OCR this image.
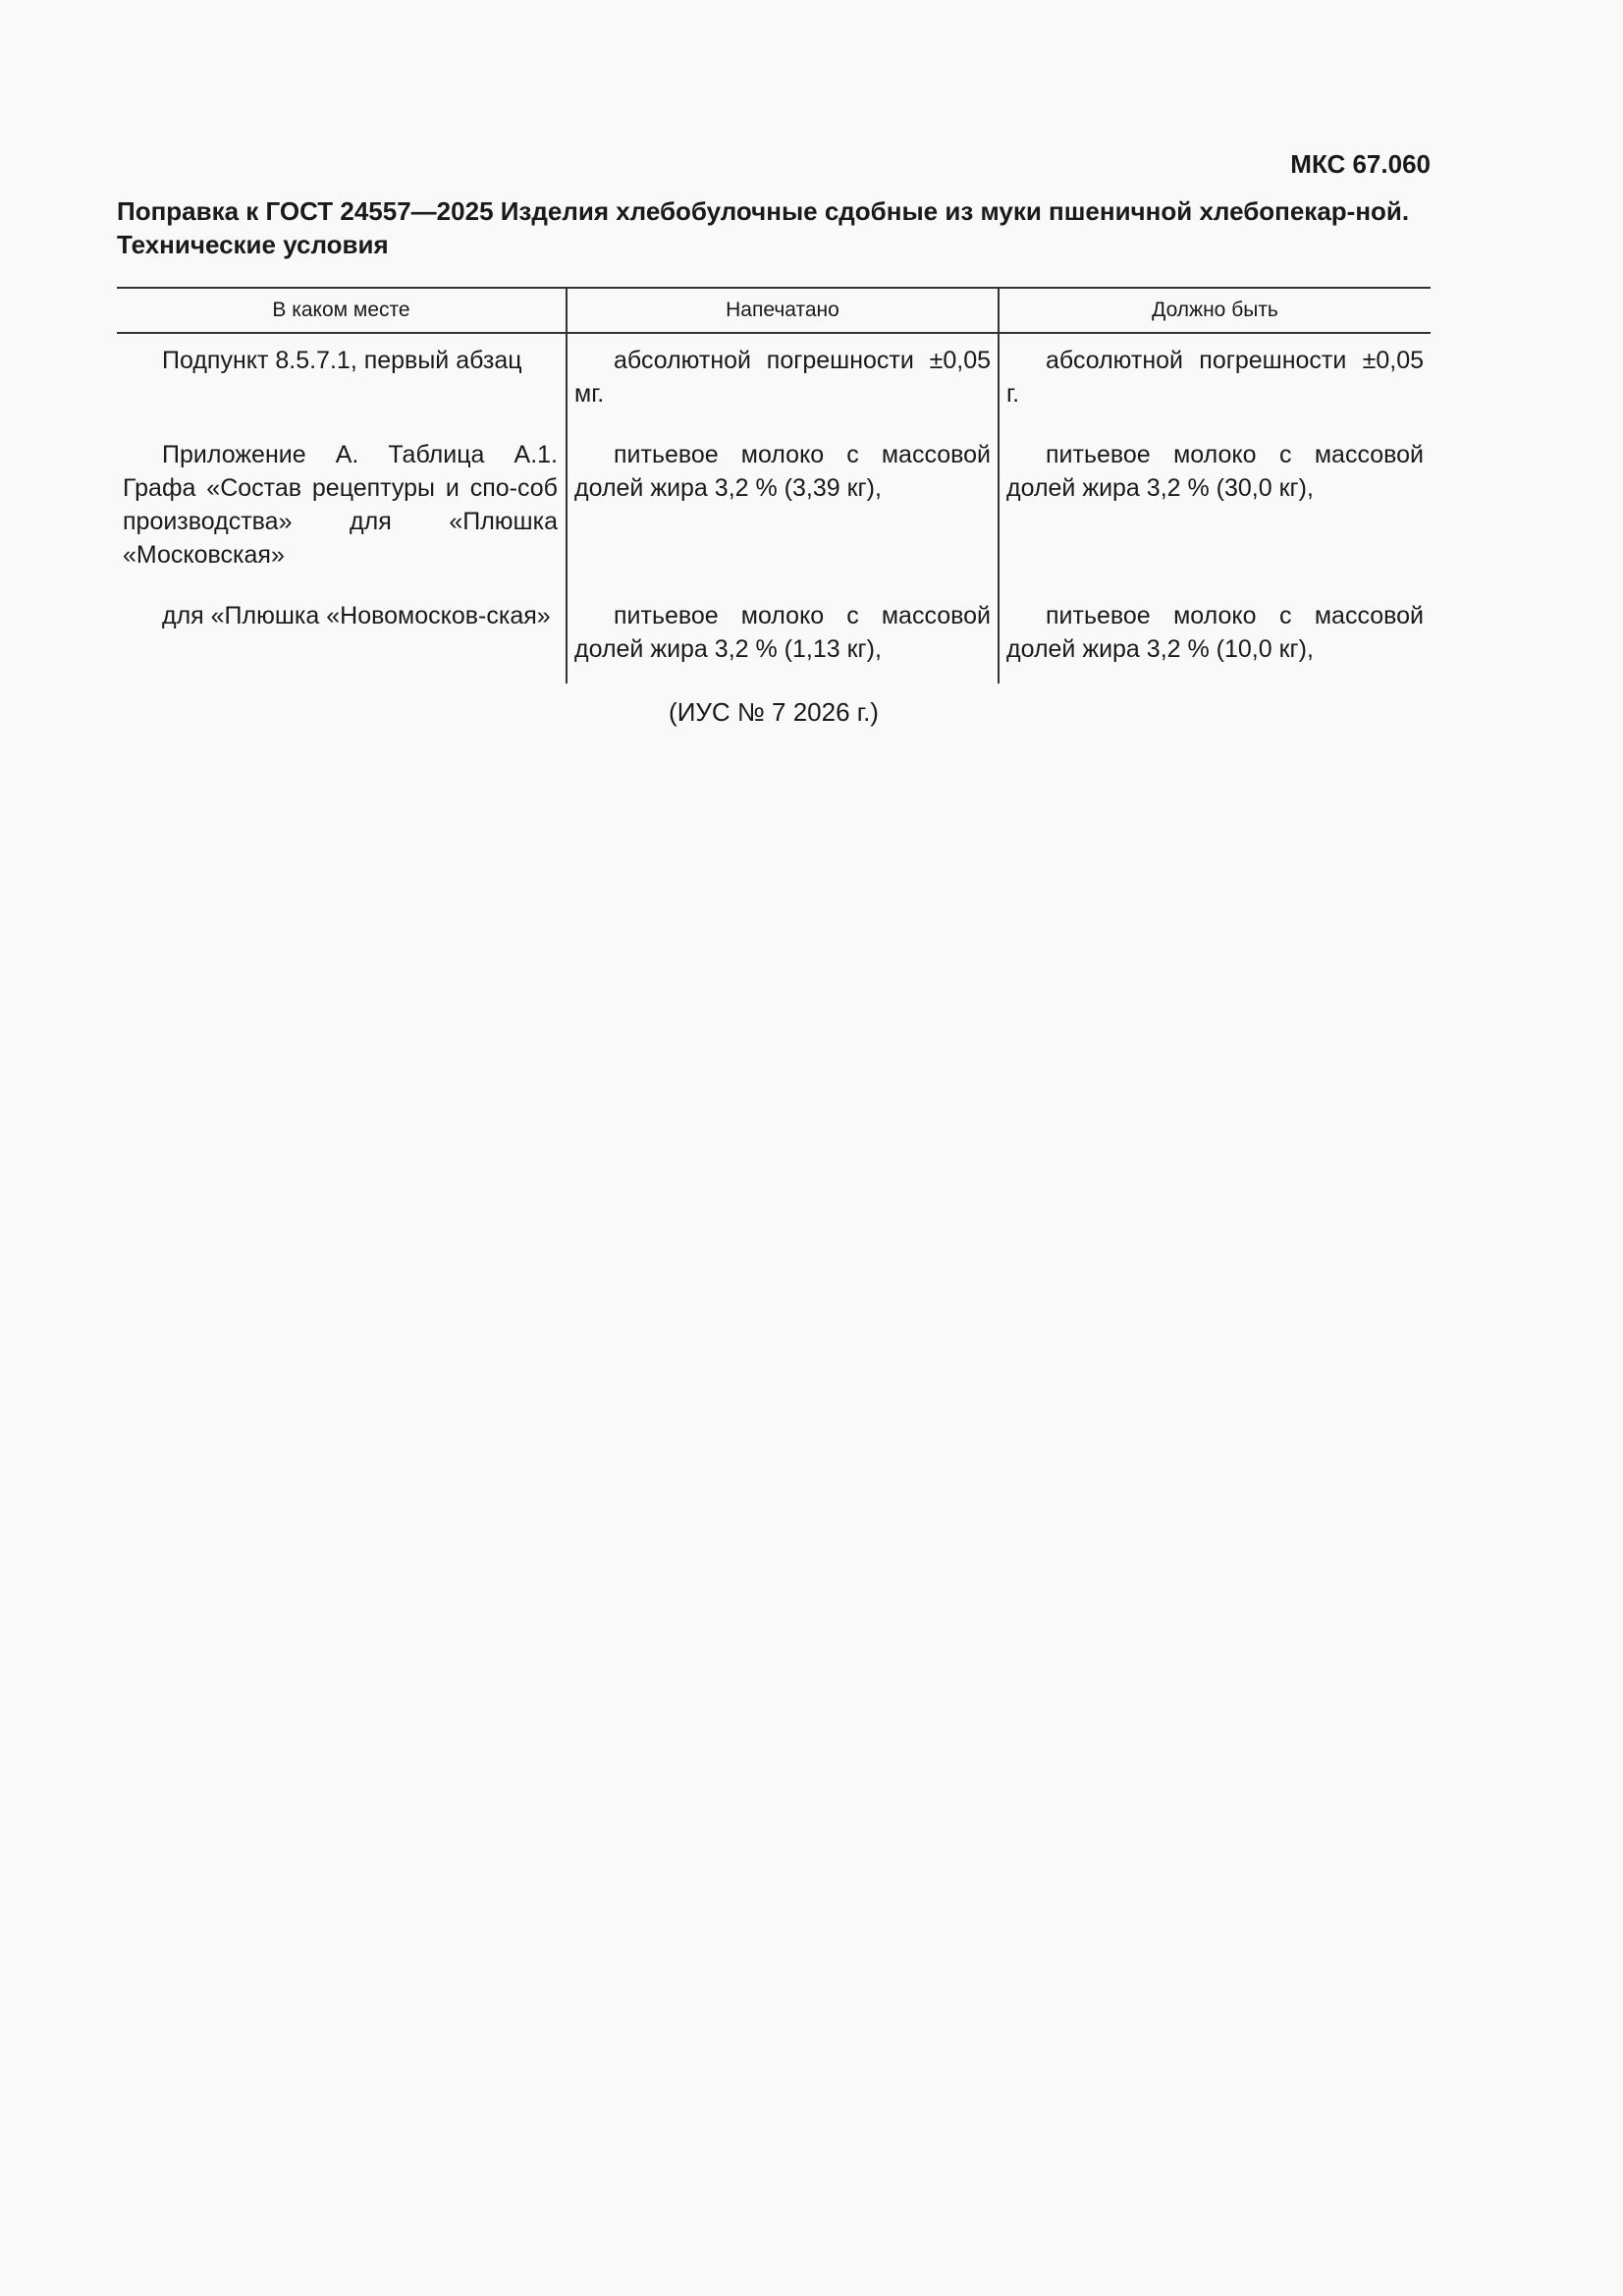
МКС 67.060

Поправка к ГОСТ 24557—2025 Изделия хлебобулочные сдобные из муки пшеничной хлебопекар-ной. Технические условия

В каком месте	Напечатано	Должно быть
Подпункт 8.5.7.1, первый абзац	абсолютной погрешности ±0,05 мг.	абсолютной погрешности ±0,05 г.
Приложение А. Таблица А.1. Графа «Состав рецептуры и спо-соб производства» для «Плюшка «Московская»	питьевое молоко с массовой долей жира 3,2 % (3,39 кг),	питьевое молоко с массовой долей жира 3,2 % (30,0 кг),
для «Плюшка «Новомосков-ская»	питьевое молоко с массовой долей жира 3,2 % (1,13 кг),	питьевое молоко с массовой долей жира 3,2 % (10,0 кг),

(ИУС № 7 2026 г.)
